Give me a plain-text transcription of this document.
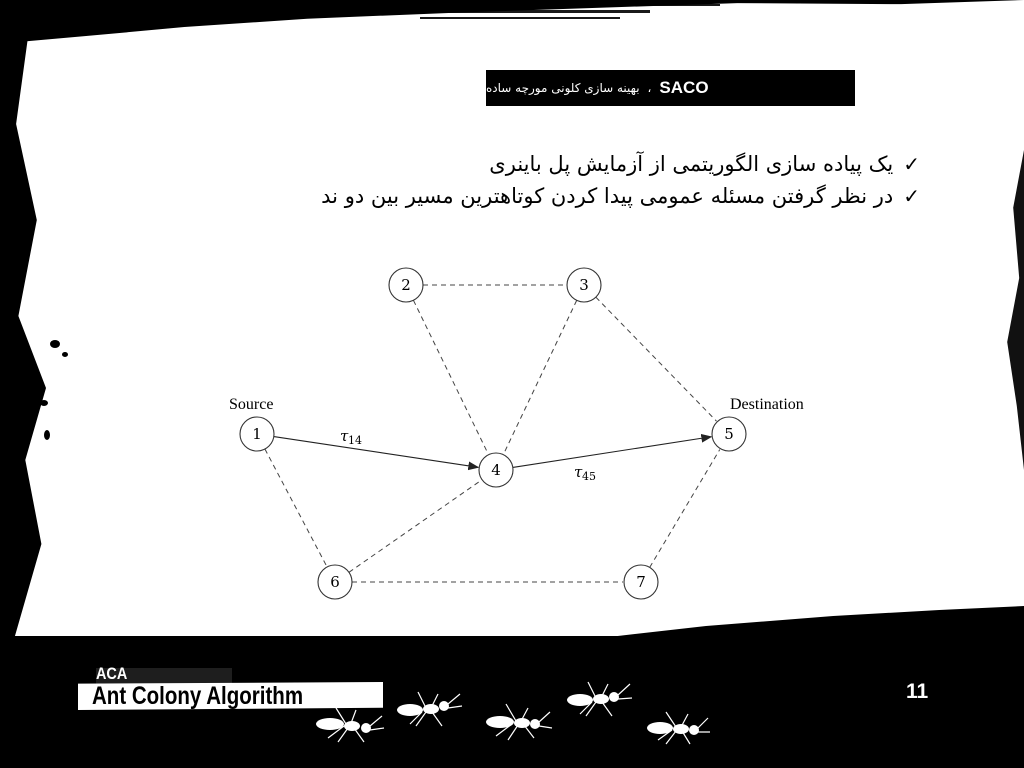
SACO
،
بهینه سازی کلونی مورچه ساده
✓
یک پیاده سازی الگوریتمی از آزمایش پل باینری
✓
در نظر گرفتن مسئله عمومی پیدا کردن کوتاهترین مسیر بین دو ند
1
2	3
4
5
6	7
Source	Destination
τ 14
τ 45
ACA
Ant Colony Algorithm	11
